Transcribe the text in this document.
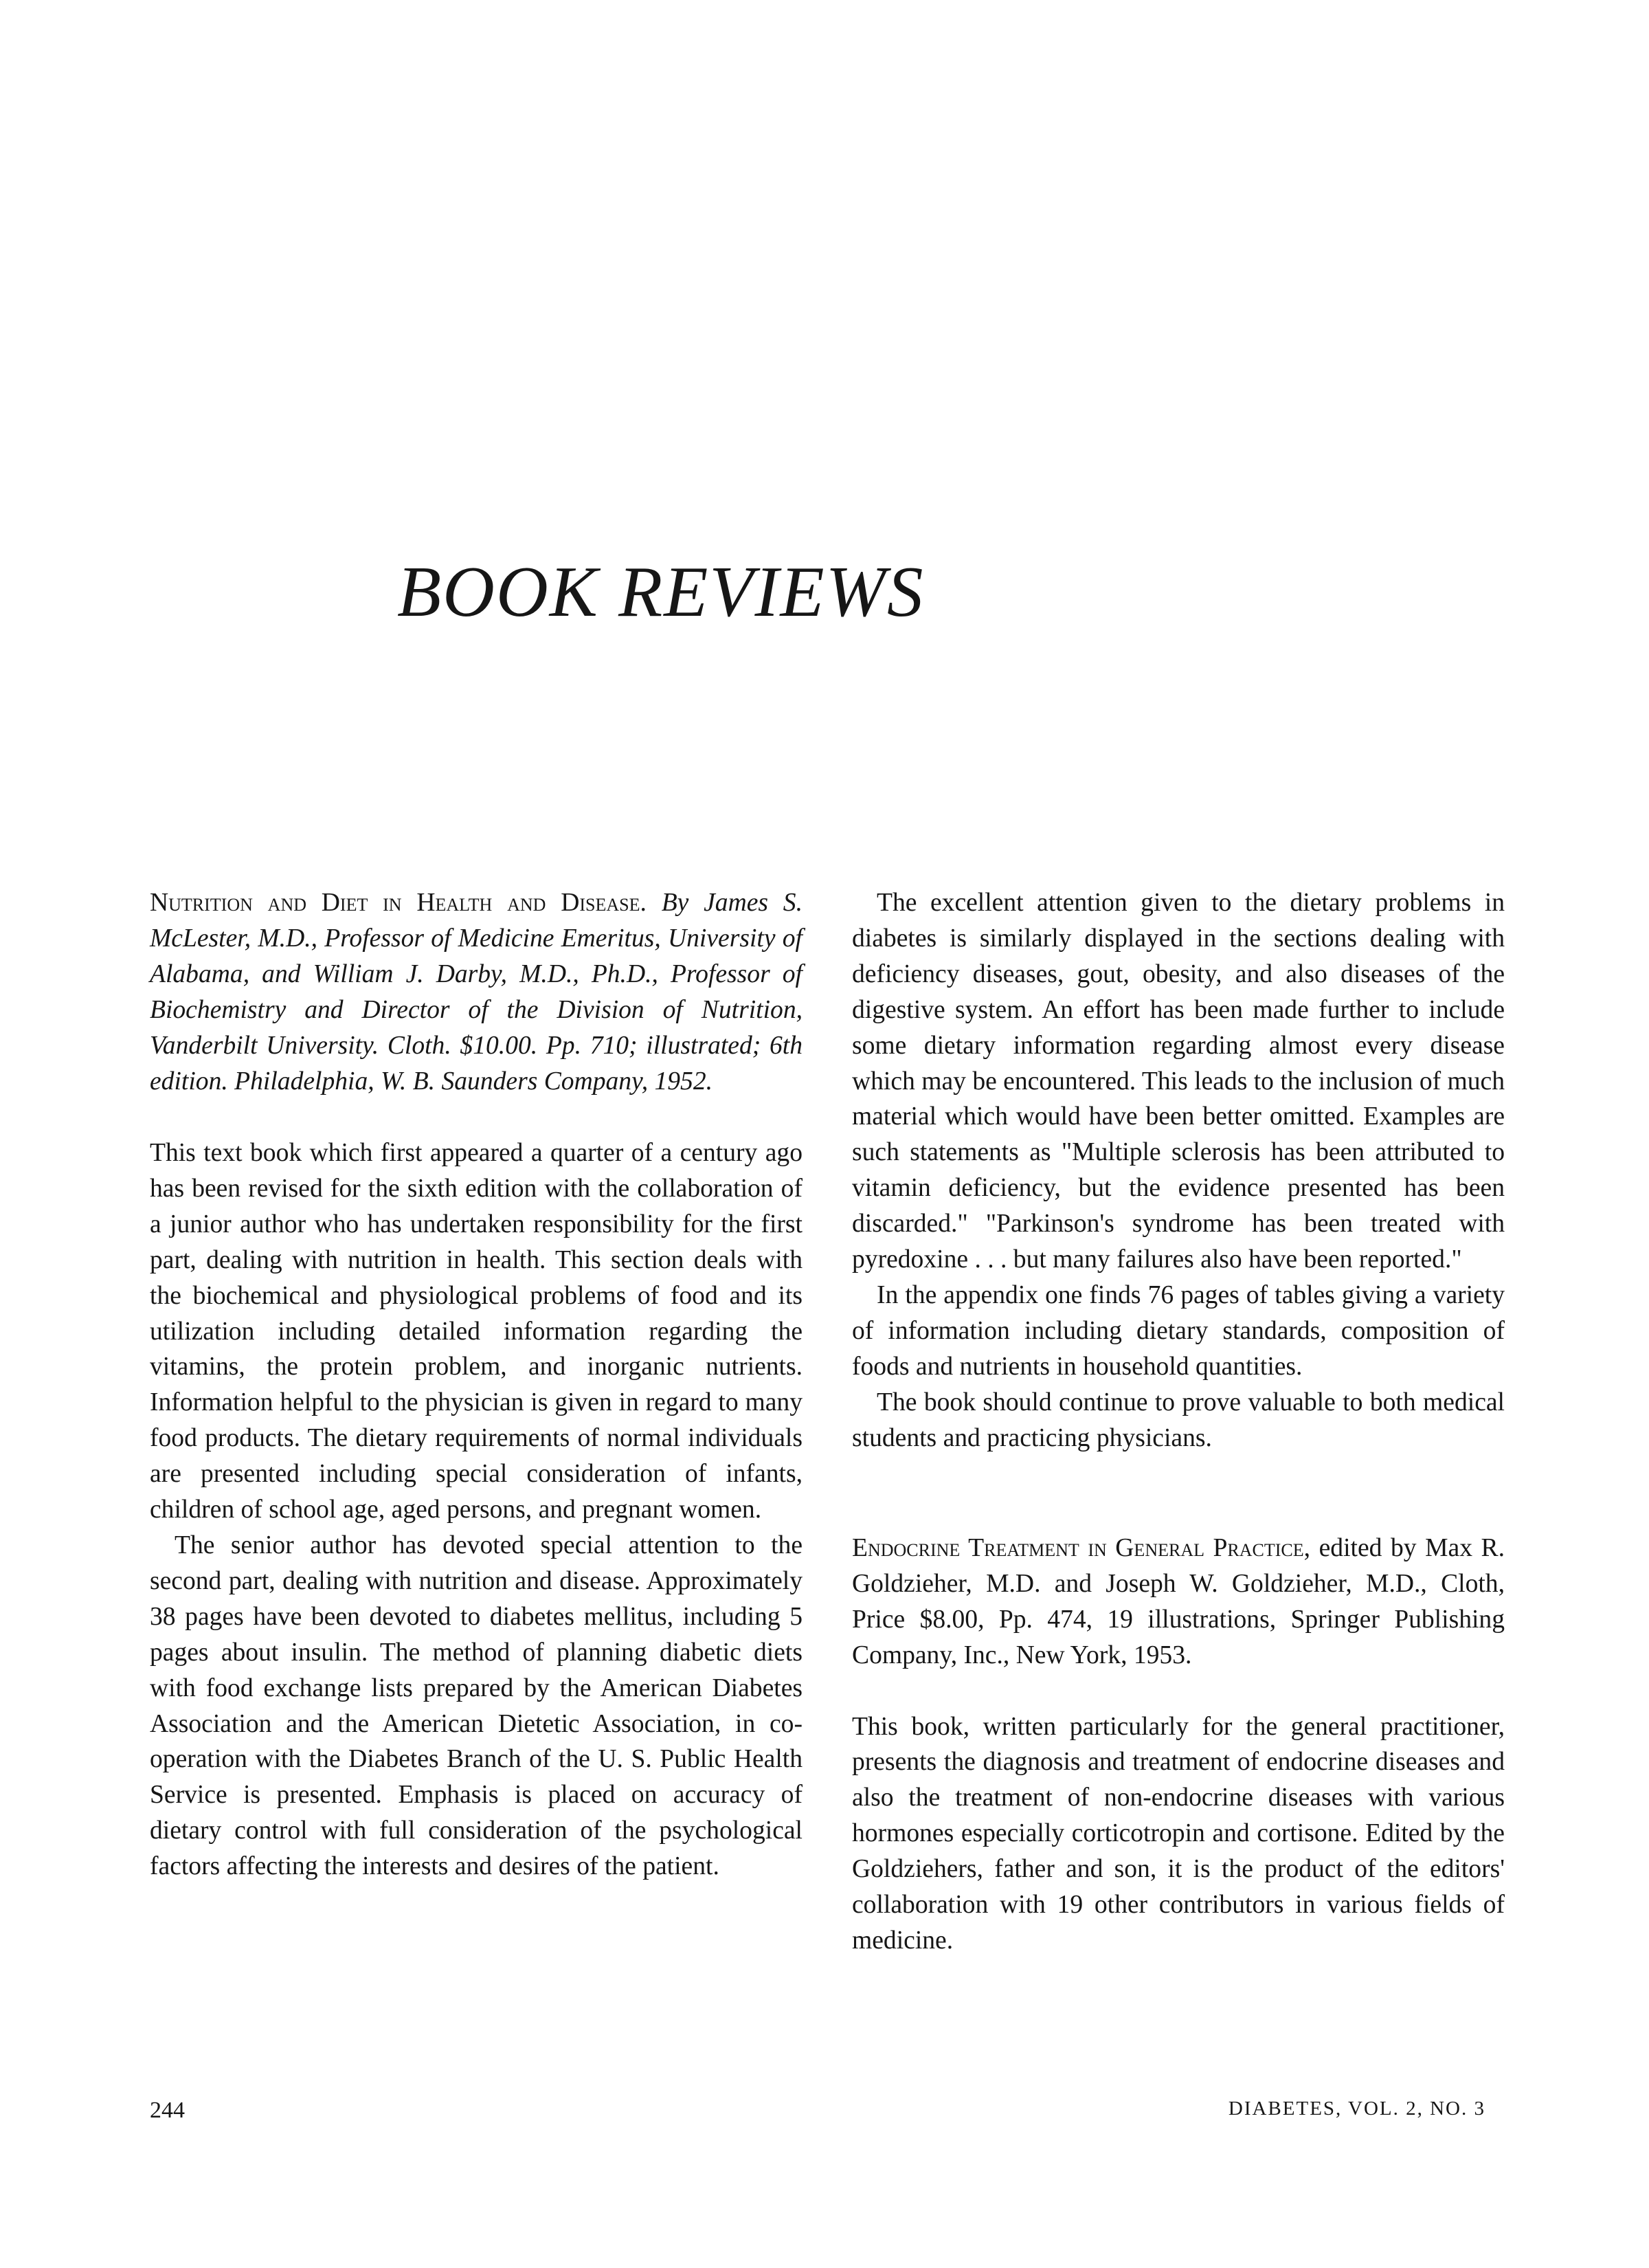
BOOK REVIEWS

Nutrition and Diet in Health and Disease. By James S. McLester, M.D., Professor of Medicine Emeritus, University of Alabama, and William J. Darby, M.D., Ph.D., Professor of Biochemistry and Director of the Division of Nutrition, Vanderbilt University. Cloth. $10.00. Pp. 710; illustrated; 6th edition. Philadelphia, W. B. Saunders Company, 1952.

This text book which first appeared a quarter of a century ago has been revised for the sixth edition with the collaboration of a junior author who has undertaken responsibility for the first part, dealing with nutrition in health. This section deals with the biochemical and physiological problems of food and its utilization including detailed information regarding the vitamins, the protein problem, and inorganic nutrients. Information helpful to the physician is given in regard to many food products. The dietary requirements of normal individuals are presented including special consideration of infants, children of school age, aged persons, and pregnant women.

The senior author has devoted special attention to the second part, dealing with nutrition and disease. Approximately 38 pages have been devoted to diabetes mellitus, including 5 pages about insulin. The method of planning diabetic diets with food exchange lists prepared by the American Diabetes Association and the American Dietetic Association, in co-operation with the Diabetes Branch of the U. S. Public Health Service is presented. Emphasis is placed on accuracy of dietary control with full consideration of the psychological factors affecting the interests and desires of the patient.

The excellent attention given to the dietary problems in diabetes is similarly displayed in the sections dealing with deficiency diseases, gout, obesity, and also diseases of the digestive system. An effort has been made further to include some dietary information regarding almost every disease which may be encountered. This leads to the inclusion of much material which would have been better omitted. Examples are such statements as "Multiple sclerosis has been attributed to vitamin deficiency, but the evidence presented has been discarded." "Parkinson's syndrome has been treated with pyredoxine . . . but many failures also have been reported."

In the appendix one finds 76 pages of tables giving a variety of information including dietary standards, composition of foods and nutrients in household quantities.

The book should continue to prove valuable to both medical students and practicing physicians.

Endocrine Treatment in General Practice, edited by Max R. Goldzieher, M.D. and Joseph W. Goldzieher, M.D., Cloth, Price $8.00, Pp. 474, 19 illustrations, Springer Publishing Company, Inc., New York, 1953.

This book, written particularly for the general practitioner, presents the diagnosis and treatment of endocrine diseases and also the treatment of non-endocrine diseases with various hormones especially corticotropin and cortisone. Edited by the Goldziehers, father and son, it is the product of the editors' collaboration with 19 other contributors in various fields of medicine.

244	DIABETES, VOL. 2, NO. 3
